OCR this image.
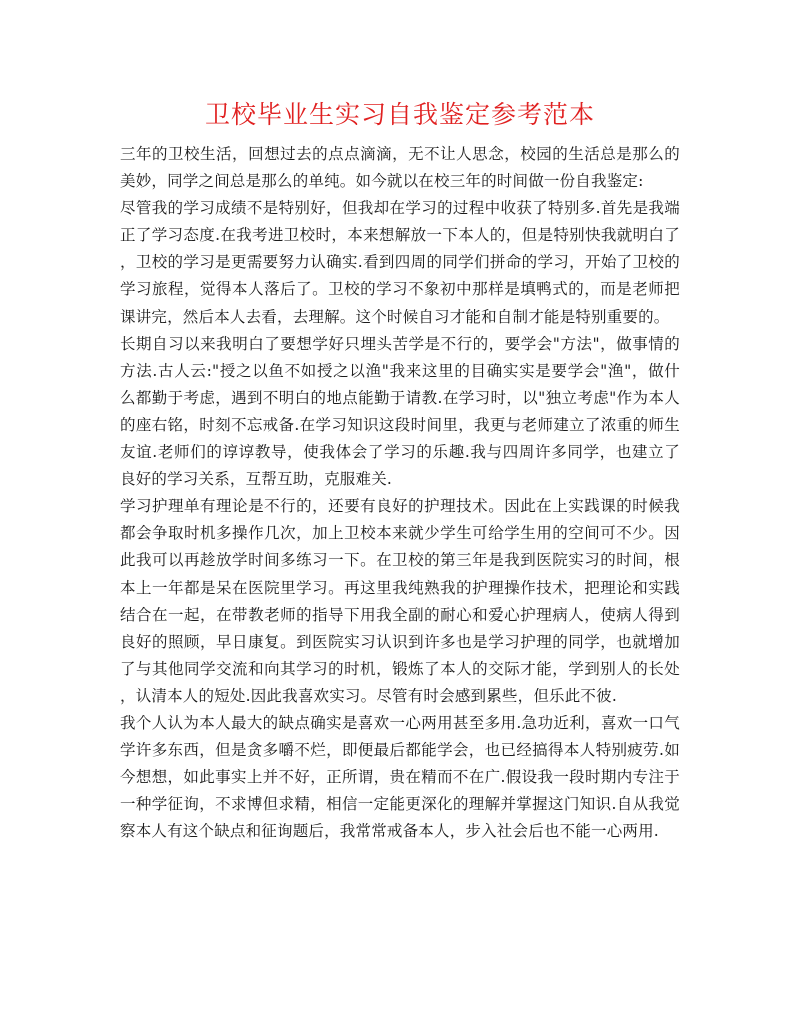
卫校毕业生实习自我鉴定参考范本
三年的卫校生活，回想过去的点点滴滴，无不让人思念，校园的生活总是那么的
美妙，同学之间总是那么的单纯。如今就以在校三年的时间做一份自我鉴定:
尽管我的学习成绩不是特别好，但我却在学习的过程中收获了特别多.首先是我端
正了学习态度.在我考进卫校时，本来想解放一下本人的，但是特别快我就明白了
，卫校的学习是更需要努力认确实.看到四周的同学们拼命的学习，开始了卫校的
学习旅程，觉得本人落后了。卫校的学习不象初中那样是填鸭式的，而是老师把
课讲完，然后本人去看，去理解。这个时候自习才能和自制才能是特别重要的。
长期自习以来我明白了要想学好只埋头苦学是不行的，要学会"方法"，做事情的
方法.古人云:"授之以鱼不如授之以渔"我来这里的目确实实是要学会"渔"，做什
么都勤于考虑，遇到不明白的地点能勤于请教.在学习时，以"独立考虑"作为本人
的座右铭，时刻不忘戒备.在学习知识这段时间里，我更与老师建立了浓重的师生
友谊.老师们的谆谆教导，使我体会了学习的乐趣.我与四周许多同学，也建立了
良好的学习关系，互帮互助，克服难关.
学习护理单有理论是不行的，还要有良好的护理技术。因此在上实践课的时候我
都会争取时机多操作几次，加上卫校本来就少学生可给学生用的空间可不少。因
此我可以再趁放学时间多练习一下。在卫校的第三年是我到医院实习的时间，根
本上一年都是呆在医院里学习。再这里我纯熟我的护理操作技术，把理论和实践
结合在一起，在带教老师的指导下用我全副的耐心和爱心护理病人，使病人得到
良好的照顾，早日康复。到医院实习认识到许多也是学习护理的同学，也就增加
了与其他同学交流和向其学习的时机，锻炼了本人的交际才能，学到别人的长处
，认清本人的短处.因此我喜欢实习。尽管有时会感到累些，但乐此不彼.
我个人认为本人最大的缺点确实是喜欢一心两用甚至多用.急功近利，喜欢一口气
学许多东西，但是贪多嚼不烂，即便最后都能学会，也已经搞得本人特别疲劳.如
今想想，如此事实上并不好，正所谓，贵在精而不在广.假设我一段时期内专注于
一种学征询，不求博但求精，相信一定能更深化的理解并掌握这门知识.自从我觉
察本人有这个缺点和征询题后，我常常戒备本人，步入社会后也不能一心两用.
